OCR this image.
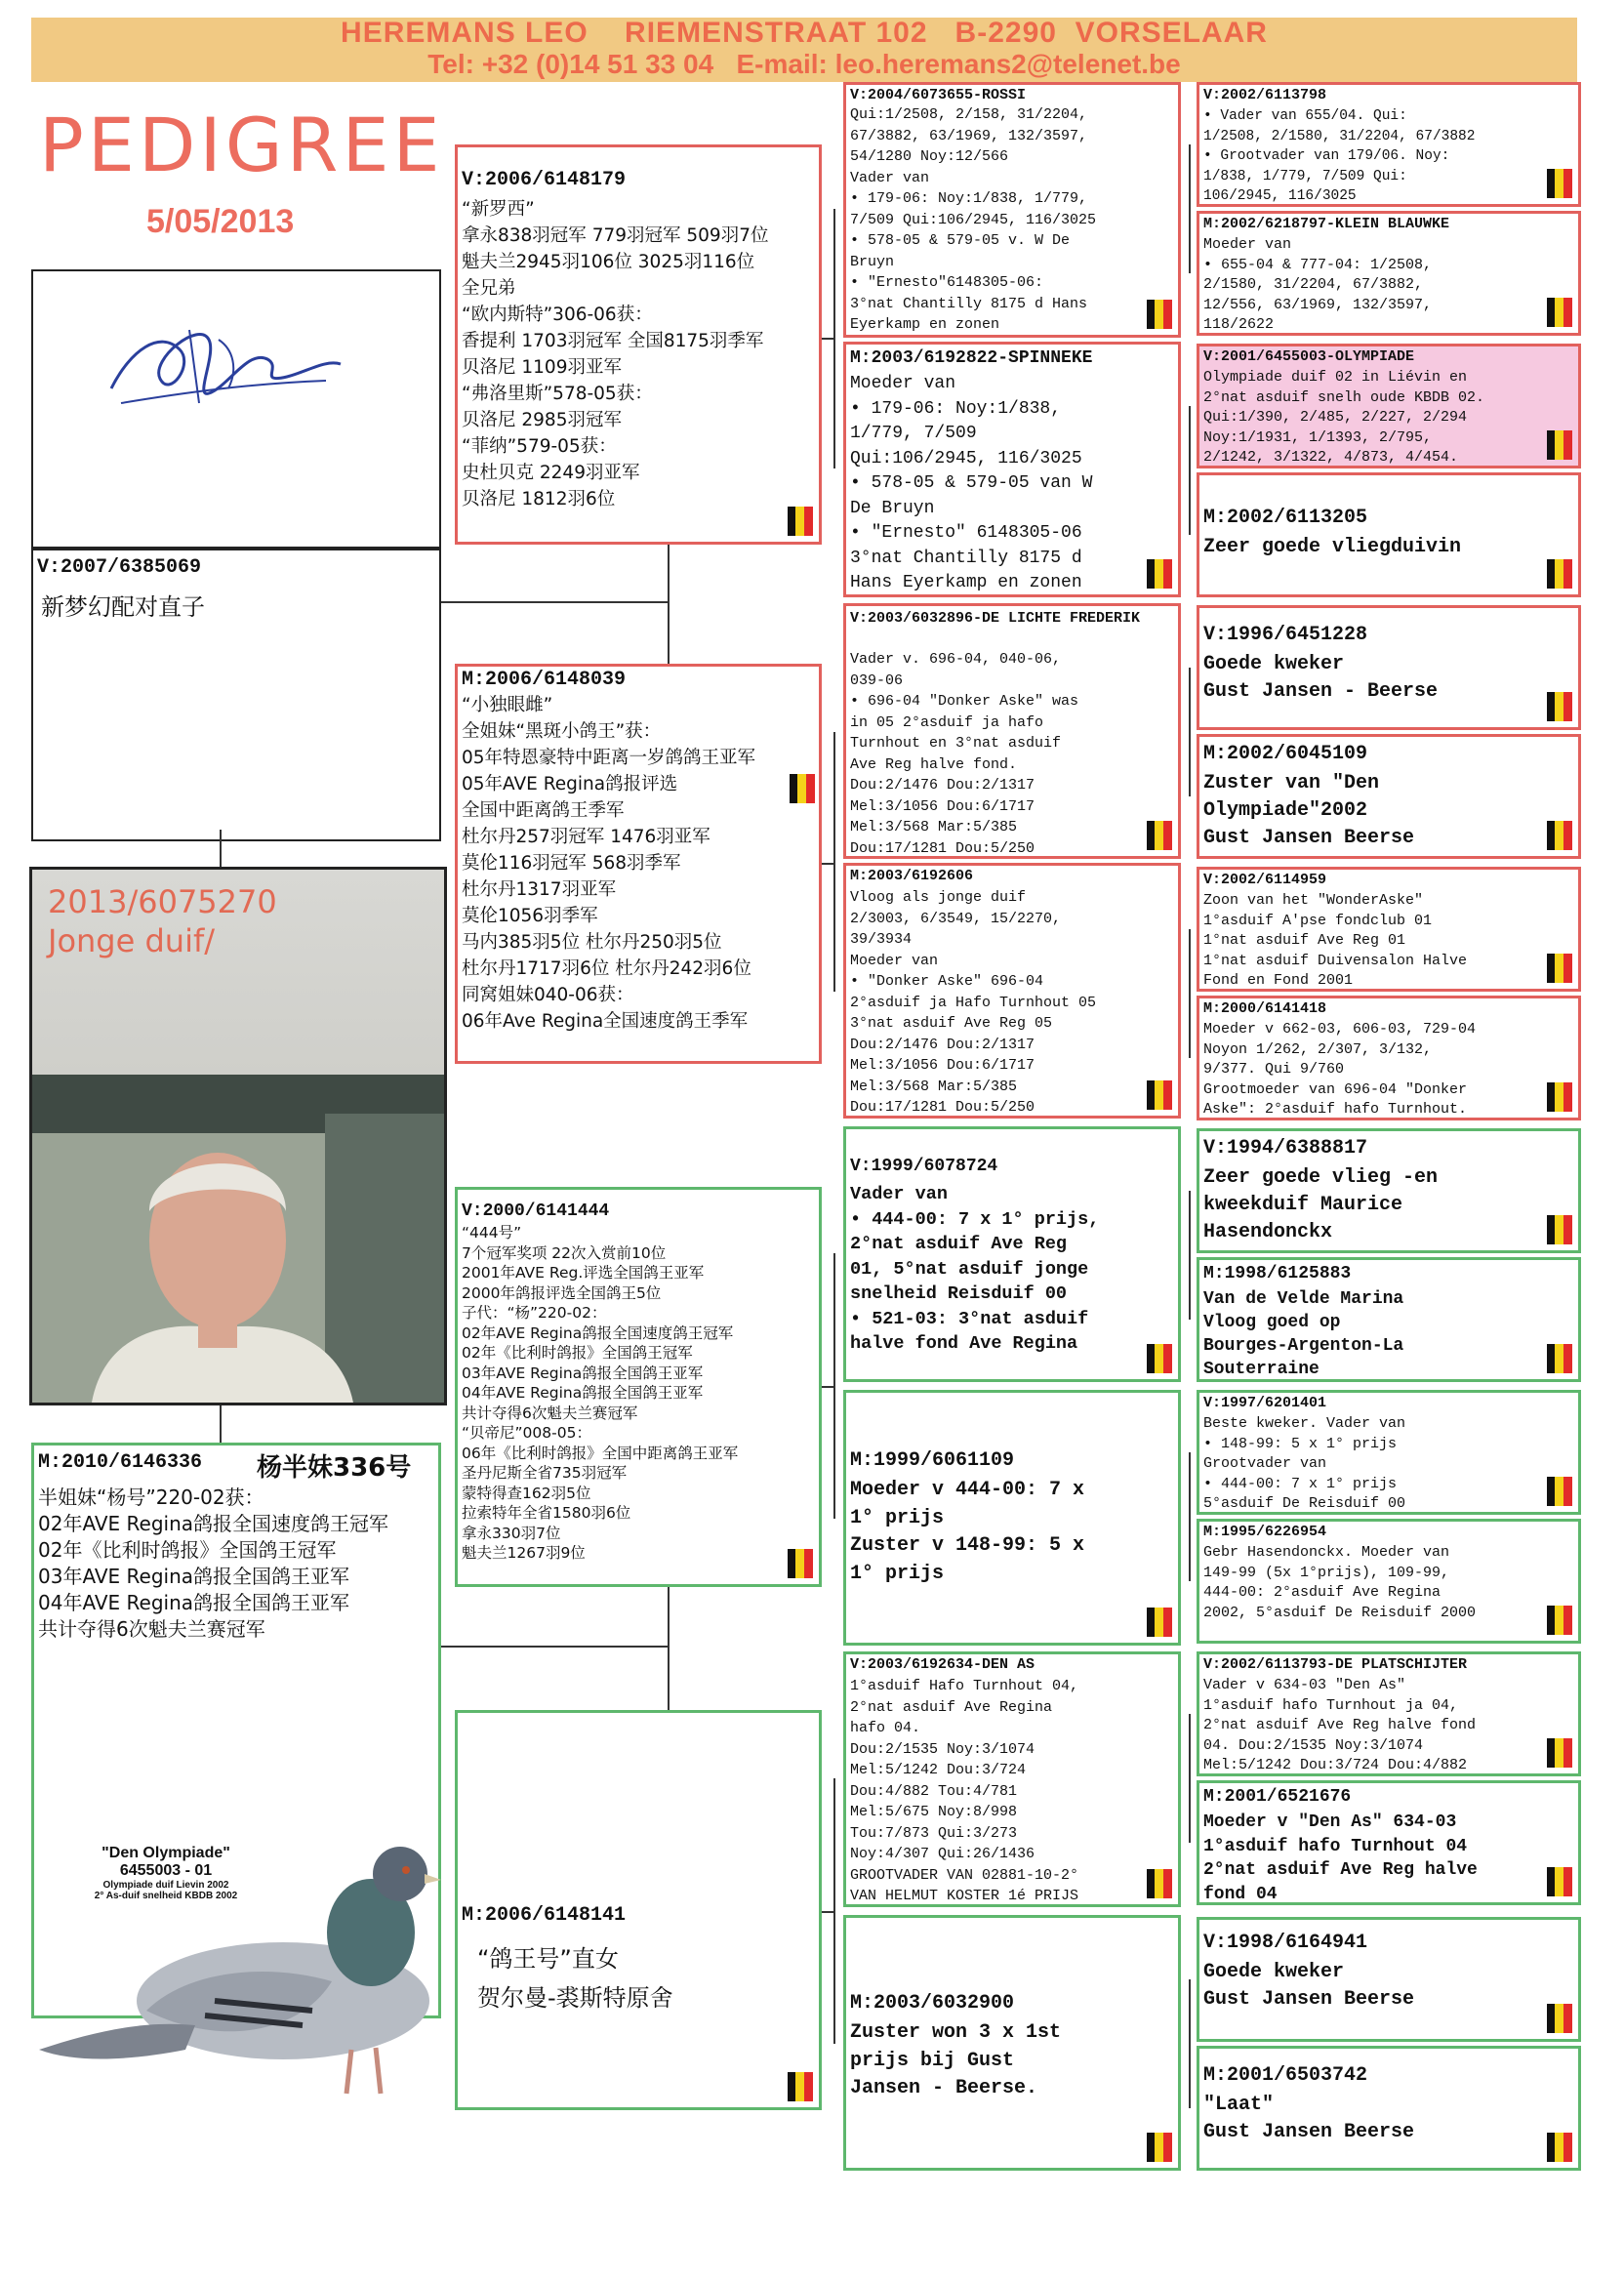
HEREMANS LEO    RIEMENSTRAAT 102   B-2290  VORSELAAR
Tel: +32 (0)14 51 33 04   E-mail: leo.heremans2@telenet.be
PEDIGREE
5/05/2013
V:2007/6385069
新梦幻配对直子
2013/6075270
Jonge duif/
M:2010/6146336 杨半妹336号
半姐妹“杨号”220-02获：
02年AVE Regina鸽报全国速度鸽王冠军
02年《比利时鸽报》全国鸽王冠军
03年AVE Regina鸽报全国鸽王亚军
04年AVE Regina鸽报全国鸽王亚军
共计夺得6次魁夫兰赛冠军
"Den Olympiade"
6455003 - 01
Olympiade duif Lievin 2002
2° As-duif snelheid KBDB 2002
V:2006/6148179
“新罗西”
拿永838羽冠军 779羽冠军 509羽7位
魁夫兰2945羽106位 3025羽116位
全兄弟
“欧内斯特”306-06获：
香提利 1703羽冠军 全国8175羽季军
贝洛尼 1109羽亚军
“弗洛里斯”578-05获：
贝洛尼 2985羽冠军
“菲纳”579-05获：
史杜贝克 2249羽亚军
贝洛尼 1812羽6位
M:2006/6148039
“小独眼雌”
全姐妹“黑斑小鸽王”获：
05年特恩豪特中距离一岁鸽鸽王亚军
05年AVE Regina鸽报评选
全国中距离鸽王季军
杜尔丹257羽冠军 1476羽亚军
莫伦116羽冠军 568羽季军
杜尔丹1317羽亚军
莫伦1056羽季军
马内385羽5位 杜尔丹250羽5位
杜尔丹1717羽6位 杜尔丹242羽6位
同窝姐妹040-06获：
06年Ave Regina全国速度鸽王季军
V:2000/6141444
“444号”
7个冠军奖项 22次入赏前10位
2001年AVE Reg.评选全国鸽王亚军
2000年鸽报评选全国鸽王5位
子代：“杨”220-02：
02年AVE Regina鸽报全国速度鸽王冠军
02年《比利时鸽报》全国鸽王冠军
03年AVE Regina鸽报全国鸽王亚军
04年AVE Regina鸽报全国鸽王亚军
共计夺得6次魁夫兰赛冠军
“贝帝尼”008-05：
06年《比利时鸽报》全国中距离鸽王亚军
圣丹尼斯全省735羽冠军
蒙特得查162羽5位
拉索特年全省1580羽6位
拿永330羽7位
魁夫兰1267羽9位
M:2006/6148141
“鸽王号”直女
贺尔曼-裘斯特原舍
V:2004/6073655-ROSSI
Qui:1/2508, 2/158, 31/2204,
67/3882, 63/1969, 132/3597,
54/1280 Noy:12/566
Vader van
• 179-06: Noy:1/838, 1/779,
7/509 Qui:106/2945, 116/3025
• 578-05 & 579-05 v. W De
Bruyn
• "Ernesto"6148305-06:
3°nat Chantilly 8175 d Hans
Eyerkamp en zonen
M:2003/6192822-SPINNEKE
Moeder van
• 179-06: Noy:1/838,
1/779, 7/509
Qui:106/2945, 116/3025
• 578-05 & 579-05 van W
De Bruyn
• "Ernesto" 6148305-06
3°nat Chantilly 8175 d
Hans Eyerkamp en zonen
V:2003/6032896-DE LICHTE FREDERIK
Vader v. 696-04, 040-06,
039-06
• 696-04 "Donker Aske" was
in 05 2°asduif ja hafo
Turnhout en 3°nat asduif
Ave Reg halve fond.
Dou:2/1476 Dou:2/1317
Mel:3/1056 Dou:6/1717
Mel:3/568 Mar:5/385
Dou:17/1281 Dou:5/250
M:2003/6192606
Vloog als jonge duif
2/3003, 6/3549, 15/2270,
39/3934
Moeder van
• "Donker Aske" 696-04
2°asduif ja Hafo Turnhout 05
3°nat asduif Ave Reg 05
Dou:2/1476 Dou:2/1317
Mel:3/1056 Dou:6/1717
Mel:3/568 Mar:5/385
Dou:17/1281 Dou:5/250
V:1999/6078724
Vader van
• 444-00: 7 x 1° prijs,
2°nat asduif Ave Reg
01, 5°nat asduif jonge
snelheid Reisduif 00
• 521-03: 3°nat asduif
halve fond Ave Regina
M:1999/6061109
Moeder v 444-00: 7 x
1° prijs
Zuster v 148-99: 5 x
1° prijs
V:2003/6192634-DEN AS
1°asduif Hafo Turnhout 04,
2°nat asduif Ave Regina
hafo 04.
Dou:2/1535 Noy:3/1074
Mel:5/1242 Dou:3/724
Dou:4/882 Tou:4/781
Mel:5/675 Noy:8/998
Tou:7/873 Qui:3/273
Noy:4/307 Qui:26/1436
GROOTVADER VAN 02881-10-2°
VAN HELMUT KOSTER 1é PRIJS
M:2003/6032900
Zuster won 3 x 1st
prijs bij Gust
Jansen - Beerse.
V:2002/6113798
• Vader van 655/04. Qui:
1/2508, 2/1580, 31/2204, 67/3882
• Grootvader van 179/06. Noy:
1/838, 1/779, 7/509 Qui:
106/2945, 116/3025
M:2002/6218797-KLEIN BLAUWKE
Moeder van
• 655-04 & 777-04: 1/2508,
2/1580, 31/2204, 67/3882,
12/556, 63/1969, 132/3597,
118/2622
V:2001/6455003-OLYMPIADE
Olympiade duif 02 in Liévin en
2°nat asduif snelh oude KBDB 02.
Qui:1/390, 2/485, 2/227, 2/294
Noy:1/1931, 1/1393, 2/795,
2/1242, 3/1322, 4/873, 4/454.
M:2002/6113205
Zeer goede vliegduivin
V:1996/6451228
Goede kweker
Gust Jansen - Beerse
M:2002/6045109
Zuster van "Den
Olympiade"2002
Gust Jansen Beerse
V:2002/6114959
Zoon van het "WonderAske"
1°asduif A'pse fondclub 01
1°nat asduif Ave Reg 01
1°nat asduif Duivensalon Halve
Fond en Fond 2001
M:2000/6141418
Moeder v 662-03, 606-03, 729-04
Noyon 1/262, 2/307, 3/132,
9/377. Qui 9/760
Grootmoeder van 696-04 "Donker
Aske": 2°asduif hafo Turnhout.
V:1994/6388817
Zeer goede vlieg -en
kweekduif Maurice
Hasendonckx
M:1998/6125883
Van de Velde Marina
Vloog goed op
Bourges-Argenton-La
Souterraine
V:1997/6201401
Beste kweker. Vader van
• 148-99: 5 x 1° prijs
Grootvader van
• 444-00: 7 x 1° prijs
5°asduif De Reisduif 00
M:1995/6226954
Gebr Hasendonckx. Moeder van
149-99 (5x 1°prijs), 109-99,
444-00: 2°asduif Ave Regina
2002, 5°asduif De Reisduif 2000
V:2002/6113793-DE PLATSCHIJTER
Vader v 634-03 "Den As"
1°asduif hafo Turnhout ja 04,
2°nat asduif Ave Reg halve fond
04. Dou:2/1535 Noy:3/1074
Mel:5/1242 Dou:3/724 Dou:4/882
M:2001/6521676
Moeder v "Den As" 634-03
1°asduif hafo Turnhout 04
2°nat asduif Ave Reg halve
fond 04
V:1998/6164941
Goede kweker
Gust Jansen Beerse
M:2001/6503742
"Laat"
Gust Jansen Beerse
